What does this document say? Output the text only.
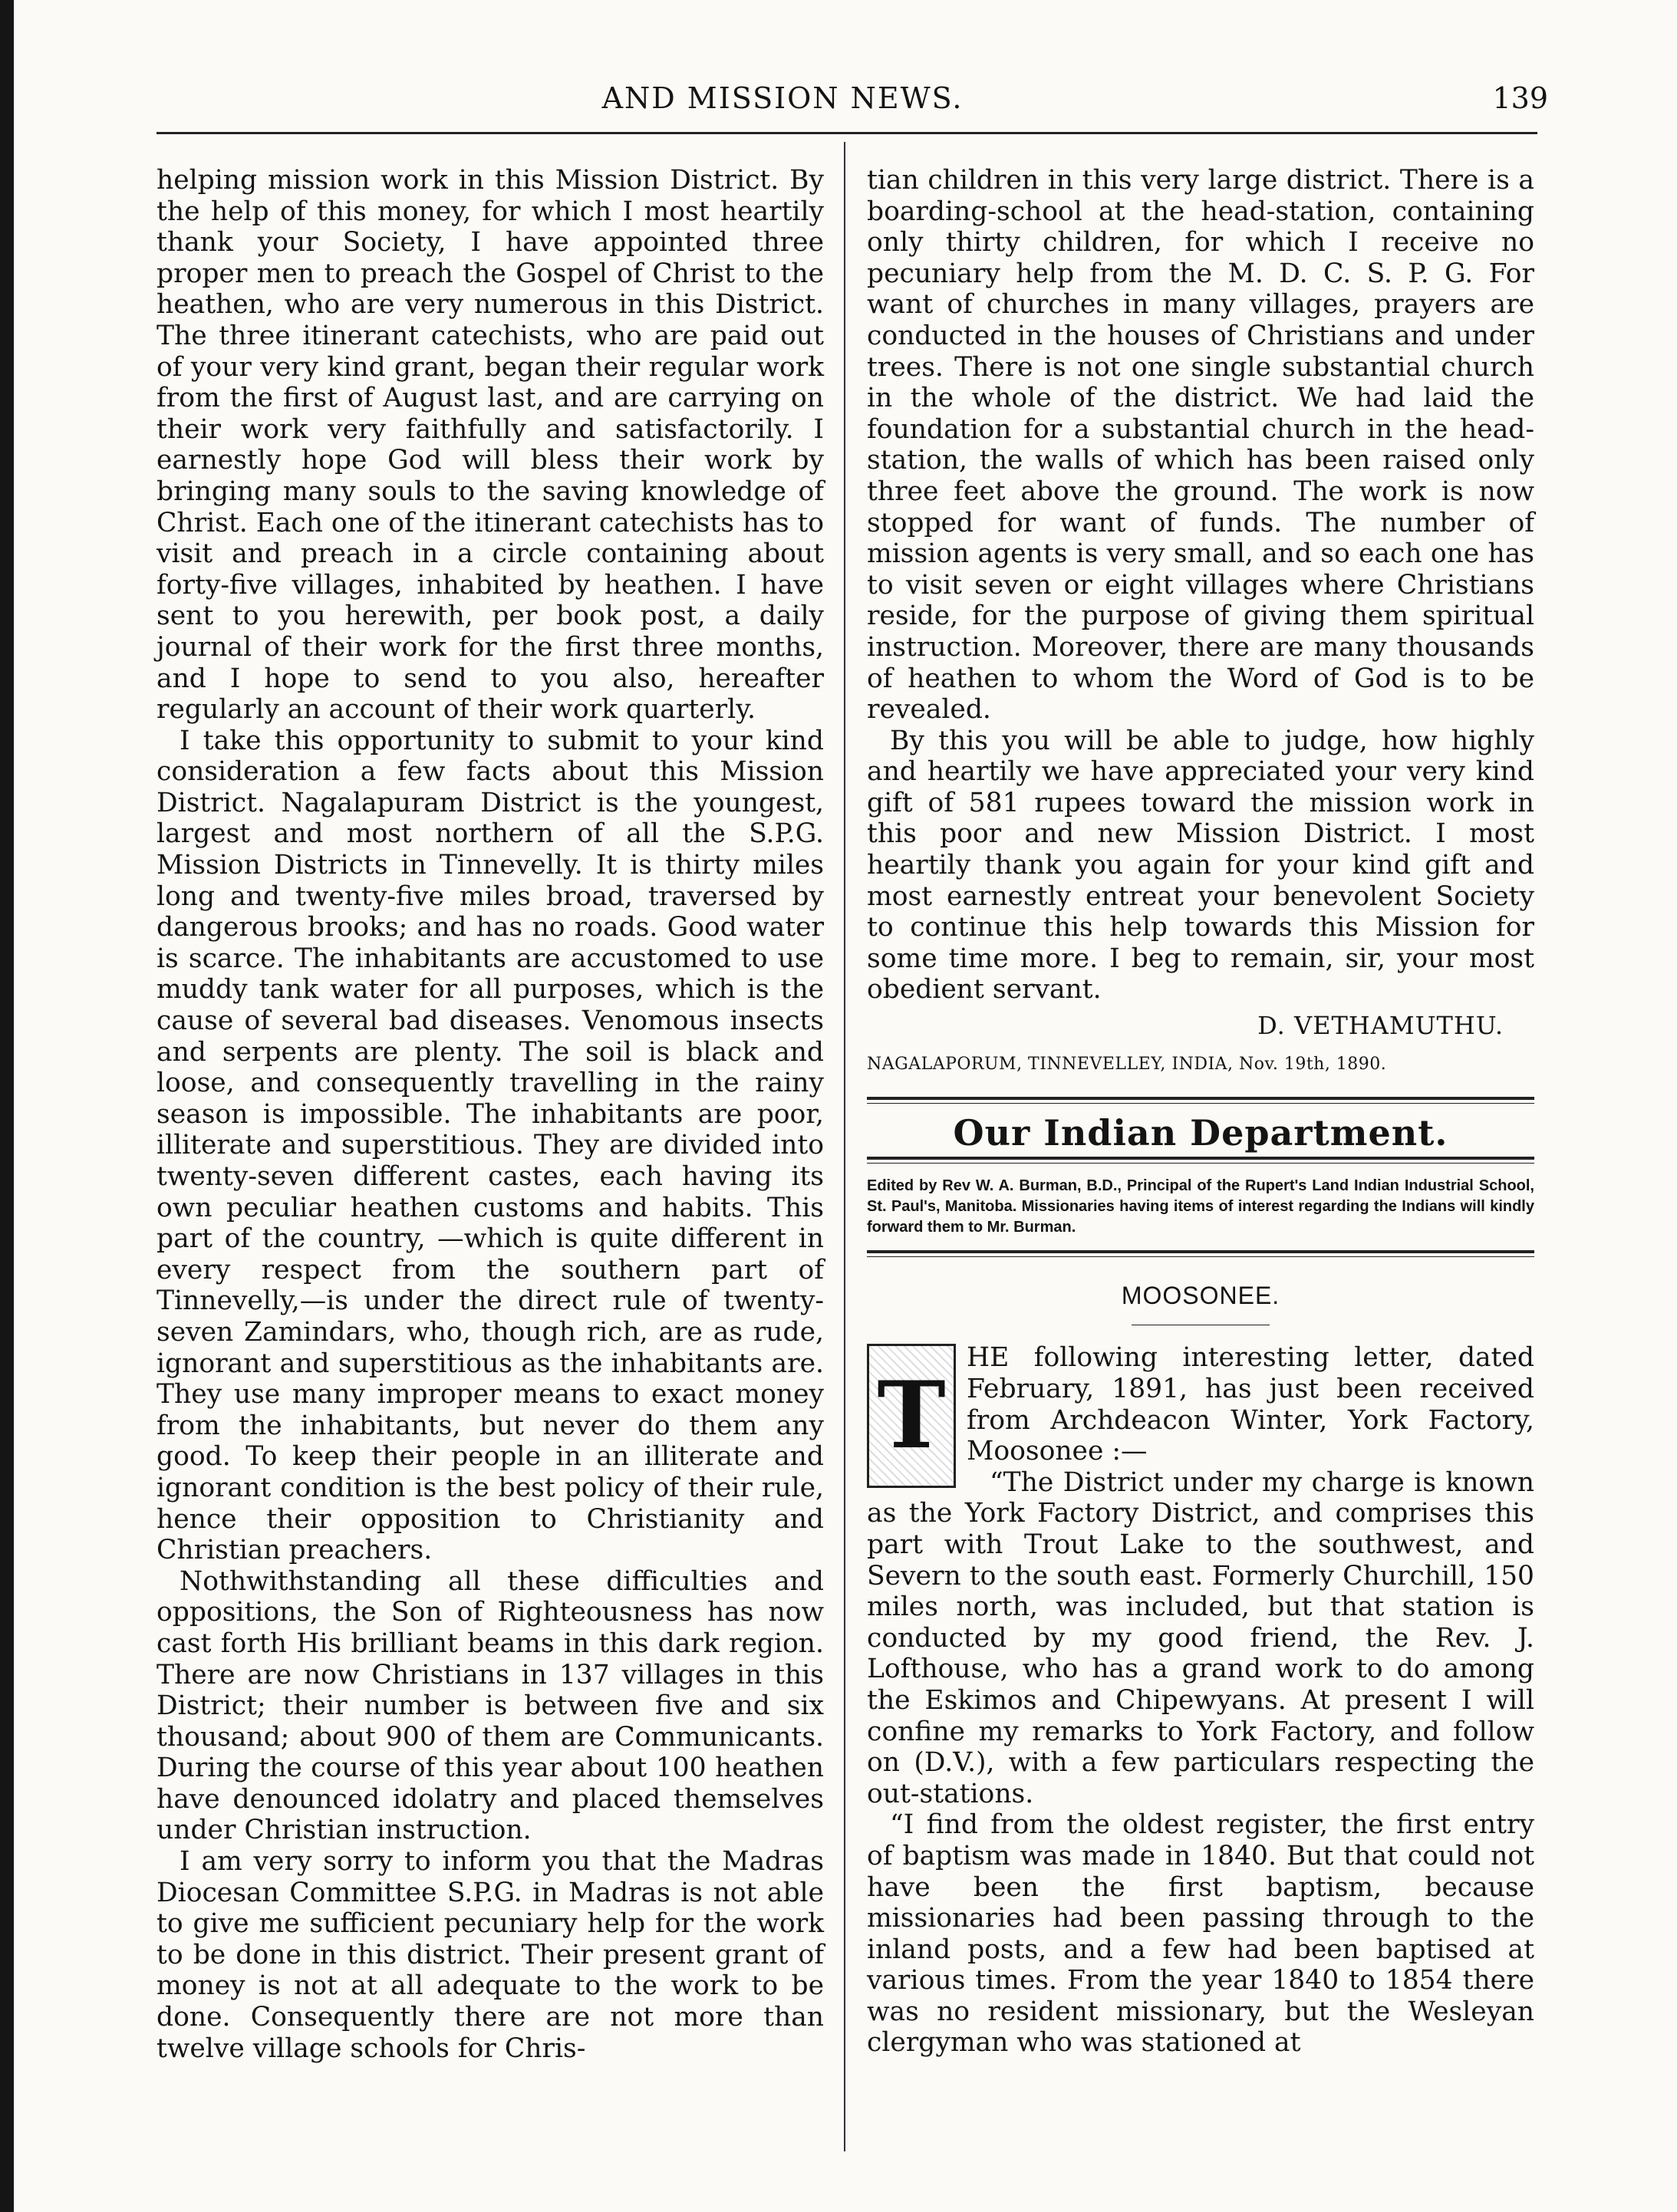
AND MISSION NEWS.	139

helping mission work in this Mission District. By the help of this money, for which I most heartily thank your Society, I have appointed three proper men to preach the Gospel of Christ to the heathen, who are very numerous in this District. The three itinerant catechists, who are paid out of your very kind grant, began their regular work from the first of August last, and are carrying on their work very faithfully and satisfactorily. I earnestly hope God will bless their work by bringing many souls to the saving knowledge of Christ. Each one of the itinerant catechists has to visit and preach in a circle containing about forty-five villages, inhabited by heathen. I have sent to you herewith, per book post, a daily journal of their work for the first three months, and I hope to send to you also, hereafter regularly an account of their work quarterly.

I take this opportunity to submit to your kind consideration a few facts about this Mission District. Nagalapuram District is the youngest, largest and most northern of all the S.P.G. Mission Districts in Tinnevelly. It is thirty miles long and twenty-five miles broad, traversed by dangerous brooks; and has no roads. Good water is scarce. The inhabitants are accustomed to use muddy tank water for all purposes, which is the cause of several bad diseases. Venomous insects and serpents are plenty. The soil is black and loose, and consequently travelling in the rainy season is impossible. The inhabitants are poor, illiterate and superstitious. They are divided into twenty-seven different castes, each having its own peculiar heathen customs and habits. This part of the country, —which is quite different in every respect from the southern part of Tinnevelly,—is under the direct rule of twenty-seven Zamindars, who, though rich, are as rude, ignorant and superstitious as the inhabitants are. They use many improper means to exact money from the inhabitants, but never do them any good. To keep their people in an illiterate and ignorant condition is the best policy of their rule, hence their opposition to Christianity and Christian preachers.

Nothwithstanding all these difficulties and oppositions, the Son of Righteousness has now cast forth His brilliant beams in this dark region. There are now Christians in 137 villages in this District; their number is between five and six thousand; about 900 of them are Communicants. During the course of this year about 100 heathen have denounced idolatry and placed themselves under Christian instruction.

I am very sorry to inform you that the Madras Diocesan Committee S.P.G. in Madras is not able to give me sufficient pecuniary help for the work to be done in this district. Their present grant of money is not at all adequate to the work to be done. Consequently there are not more than twelve village schools for Chris-

tian children in this very large district. There is a boarding-school at the head-station, containing only thirty children, for which I receive no pecuniary help from the M. D. C. S. P. G. For want of churches in many villages, prayers are conducted in the houses of Christians and under trees. There is not one single substantial church in the whole of the district. We had laid the foundation for a substantial church in the head-station, the walls of which has been raised only three feet above the ground. The work is now stopped for want of funds. The number of mission agents is very small, and so each one has to visit seven or eight villages where Christians reside, for the purpose of giving them spiritual instruction. Moreover, there are many thousands of heathen to whom the Word of God is to be revealed.

By this you will be able to judge, how highly and heartily we have appreciated your very kind gift of 581 rupees toward the mission work in this poor and new Mission District. I most heartily thank you again for your kind gift and most earnestly entreat your benevolent Society to continue this help towards this Mission for some time more. I beg to remain, sir, your most obedient servant.

D. VETHAMUTHU.
NAGALAPORUM, TINNEVELLEY, INDIA, Nov. 19th, 1890.
Our Indian Department.
Edited by Rev W. A. Burman, B.D., Principal of the Rupert's Land Indian Industrial School, St. Paul's, Manitoba. Missionaries having items of interest regarding the Indians will kindly forward them to Mr. Burman.
MOOSONEE.
T

HE following interesting letter, dated February, 1891, has just been received from Archdeacon Winter, York Factory, Moosonee :—

“The District under my charge is known as the York Factory District, and comprises this part with Trout Lake to the southwest, and Severn to the south east. Formerly Churchill, 150 miles north, was included, but that station is conducted by my good friend, the Rev. J. Lofthouse, who has a grand work to do among the Eskimos and Chipewyans. At present I will confine my remarks to York Factory, and follow on (D.V.), with a few particulars respecting the out-stations.

“I find from the oldest register, the first entry of baptism was made in 1840. But that could not have been the first baptism, because missionaries had been passing through to the inland posts, and a few had been baptised at various times. From the year 1840 to 1854 there was no resident missionary, but the Wesleyan clergyman who was stationed at
